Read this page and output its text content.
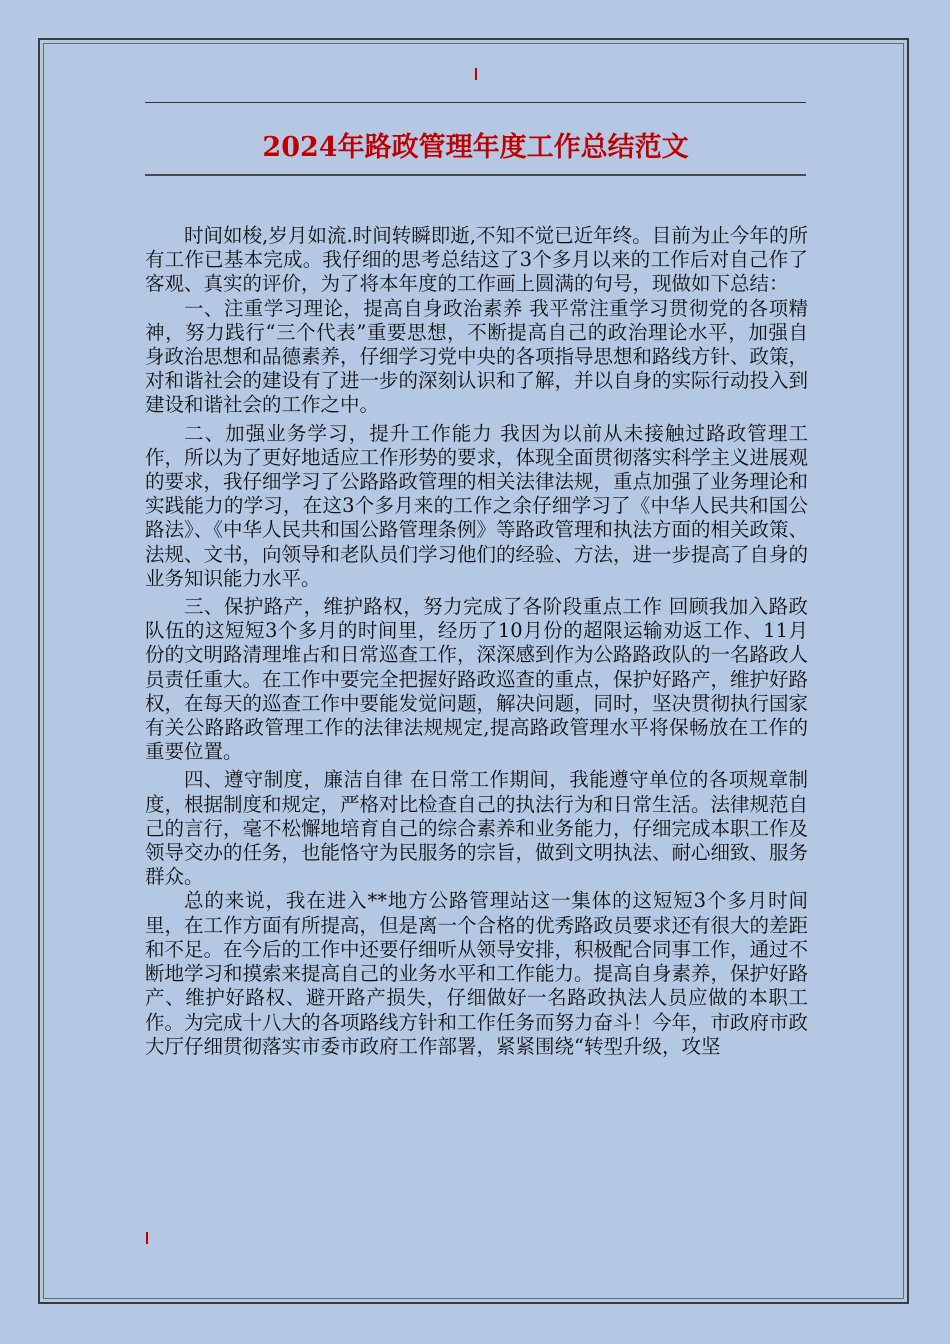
2024年路政管理年度工作总结范文

时间如梭,岁月如流.时间转瞬即逝,不知不觉已近年终。目前为止今年的所有工作已基本完成。我仔细的思考总结这了3个多月以来的工作后对自己作了客观、真实的评价，为了将本年度的工作画上圆满的句号，现做如下总结：

一、注重学习理论，提高自身政治素养 我平常注重学习贯彻党的各项精神，努力践行“三个代表”重要思想，不断提高自己的政治理论水平，加强自身政治思想和品德素养，仔细学习党中央的各项指导思想和路线方针、政策，对和谐社会的建设有了进一步的深刻认识和了解，并以自身的实际行动投入到建设和谐社会的工作之中。

二、加强业务学习，提升工作能力 我因为以前从未接触过路政管理工作，所以为了更好地适应工作形势的要求，体现全面贯彻落实科学主义进展观的要求，我仔细学习了公路路政管理的相关法律法规，重点加强了业务理论和实践能力的学习，在这3个多月来的工作之余仔细学习了《中华人民共和国公路法》、《中华人民共和国公路管理条例》等路政管理和执法方面的相关政策、法规、文书，向领导和老队员们学习他们的经验、方法，进一步提高了自身的业务知识能力水平。

三、保护路产，维护路权，努力完成了各阶段重点工作 回顾我加入路政队伍的这短短3个多月的时间里，经历了10月份的超限运输劝返工作、11月份的文明路清理堆占和日常巡查工作，深深感到作为公路路政队的一名路政人员责任重大。在工作中要完全把握好路政巡查的重点，保护好路产，维护好路权，在每天的巡查工作中要能发觉问题，解决问题，同时，坚决贯彻执行国家有关公路路政管理工作的法律法规规定,提高路政管理水平将保畅放在工作的重要位置。

四、遵守制度，廉洁自律 在日常工作期间，我能遵守单位的各项规章制度，根据制度和规定，严格对比检查自己的执法行为和日常生活。法律规范自己的言行，毫不松懈地培育自己的综合素养和业务能力，仔细完成本职工作及领导交办的任务，也能恪守为民服务的宗旨，做到文明执法、耐心细致、服务群众。

总的来说，我在进入**地方公路管理站这一集体的这短短3个多月时间里，在工作方面有所提高，但是离一个合格的优秀路政员要求还有很大的差距和不足。在今后的工作中还要仔细听从领导安排，积极配合同事工作，通过不断地学习和摸索来提高自己的业务水平和工作能力。提高自身素养，保护好路产、维护好路权、避开路产损失，仔细做好一名路政执法人员应做的本职工作。为完成十八大的各项路线方针和工作任务而努力奋斗！今年，市政府市政大厅仔细贯彻落实市委市政府工作部署，紧紧围绕“转型升级，攻坚
